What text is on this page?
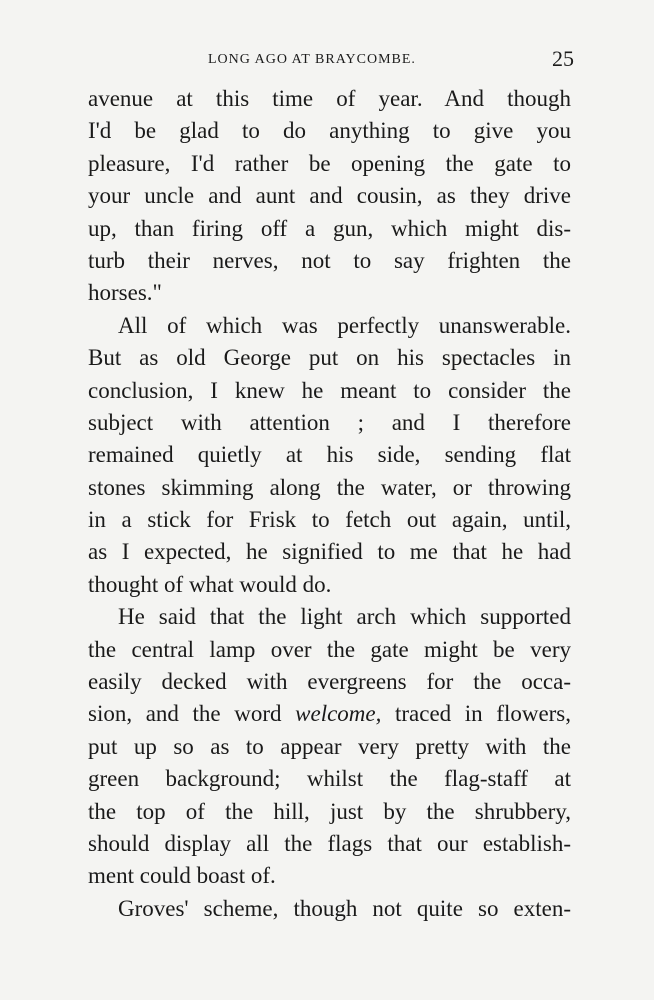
LONG AGO AT BRAYCOMBE.	25
avenue at this time of year. And though
I'd be glad to do anything to give you
pleasure, I'd rather be opening the gate to
your uncle and aunt and cousin, as they drive
up, than firing off a gun, which might dis-
turb their nerves, not to say frighten the
horses."
All of which was perfectly unanswerable.
But as old George put on his spectacles in
conclusion, I knew he meant to consider the
subject with attention ; and I therefore
remained quietly at his side, sending flat
stones skimming along the water, or throwing
in a stick for Frisk to fetch out again, until,
as I expected, he signified to me that he had
thought of what would do.
He said that the light arch which supported
the central lamp over the gate might be very
easily decked with evergreens for the occa-
sion, and the word welcome, traced in flowers,
put up so as to appear very pretty with the
green background; whilst the flag-staff at
the top of the hill, just by the shrubbery,
should display all the flags that our establish-
ment could boast of.
Groves' scheme, though not quite so exten-
